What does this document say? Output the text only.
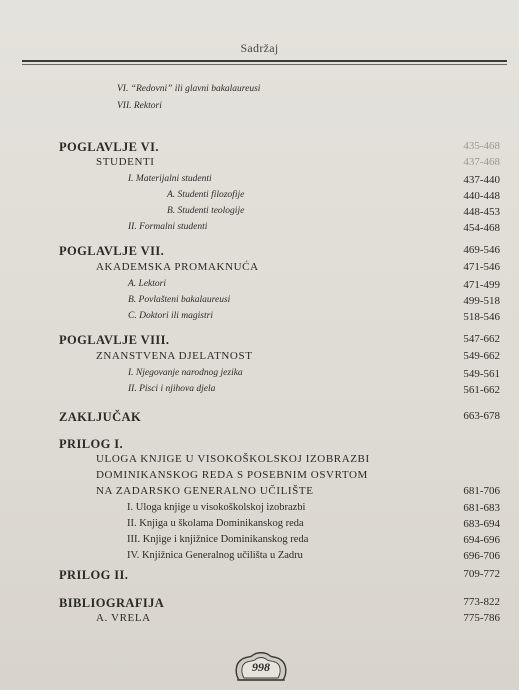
Sadržaj
VI. “Redovni” ili glavni bakalaureusi
VII. Rektori
POGLAVLJE VI.	435-468
STUDENTI	437-468
I. Materijalni studenti	437-440
A. Studenti filozofije	440-448
B. Studenti teologije	448-453
II. Formalni studenti	454-468
POGLAVLJE VII.	469-546
AKADEMSKA PROMAKNUĆA	471-546
A. Lektori	471-499
B. Povlašteni bakalaureusi	499-518
C. Doktori ili magistri	518-546
POGLAVLJE VIII.	547-662
ZNANSTVENA DJELATNOST	549-662
I. Njegovanje narodnog jezika	549-561
II. Pisci i njihova djela	561-662
ZAKLJUČAK	663-678
PRILOG I.
ULOGA KNJIGE U VISOKOŠKOLSKOJ IZOBRAZBI
DOMINIKANSKOG REDA S POSEBNIM OSVRTOM
NA ZADARSKO GENERALNO UČILIŠTE	681-706
I. Uloga knjige u visokoškolskoj izobrazbi	681-683
II. Knjiga u školama Dominikanskog reda	683-694
III. Knjige i knjižnice Dominikanskog reda	694-696
IV. Knjižnica Generalnog učilišta u Zadru	696-706
PRILOG II.	709-772
BIBLIOGRAFIJA	773-822
A. VRELA	775-786
998
